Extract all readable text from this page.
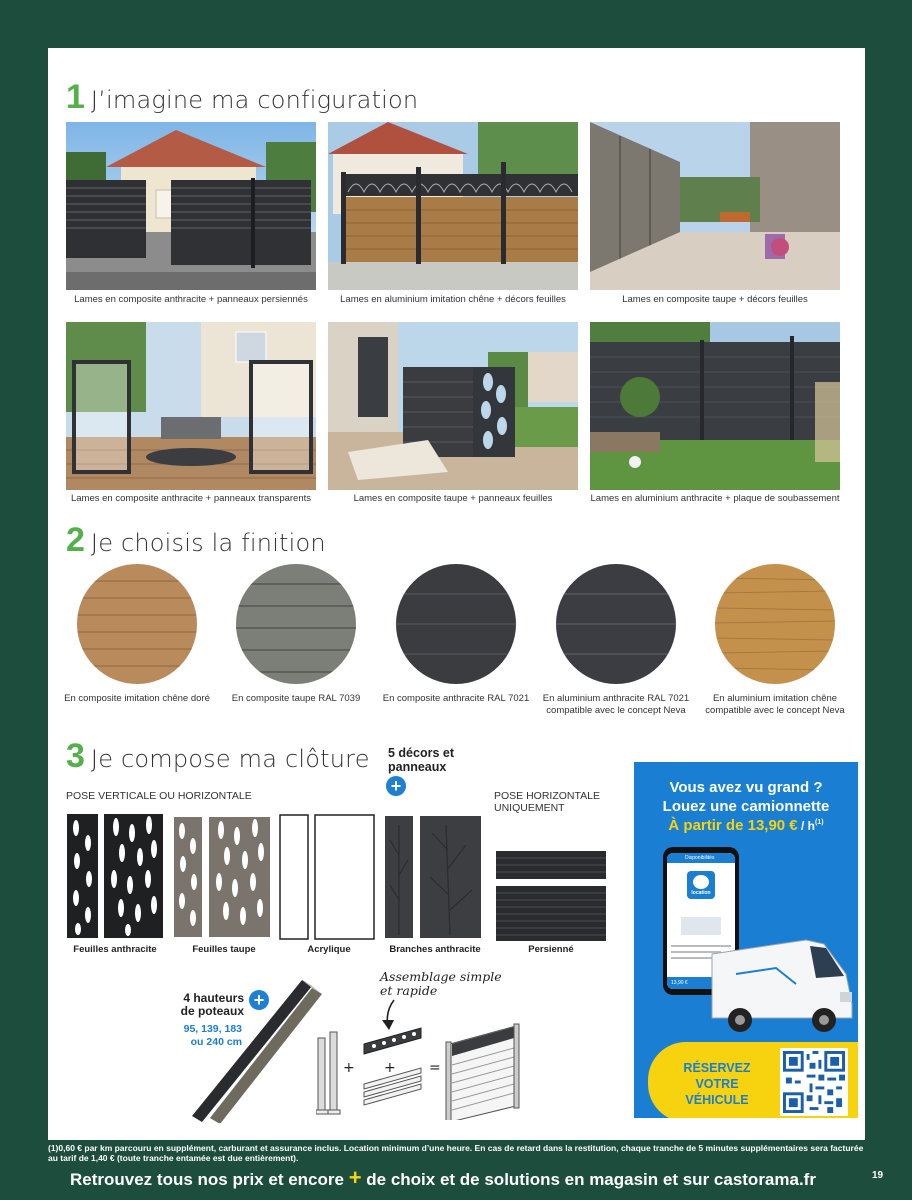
1 J’imagine ma configuration
Lames en composite anthracite + panneaux persiennés	Lames en aluminium imitation chêne + décors feuilles	Lames en composite taupe + décors feuilles
Lames en composite anthracite + panneaux transparents	Lames en composite taupe + panneaux feuilles	Lames en aluminium anthracite + plaque de soubassement
2 Je choisis la finition
En composite imitation chêne doré	En composite taupe RAL 7039	En composite anthracite RAL 7021 En aluminium anthracite RAL 7021 compatible avec le concept Neva
En aluminium imitation chêne compatible avec le concept Neva
3 Je compose ma clôture 5 décors et panneaux
+
POSE VERTICALE OU HORIZONTALE	POSE HORIZONTALE UNIQUEMENT
Feuilles anthracite	Feuilles taupe	Acrylique	Branches anthracite	Persienné
4 hauteurs de poteaux
+
95, 139, 183 ou 240 cm
Assemblage simple et rapide
+ + =
Vous avez vu grand ?
Louez une camionnette
À partir de 13,90 € / $h^{(1)}$
Disponibilités
location
13,90 €
RÉSERVEZ VOTRE VÉHICULE
(1)0,60 € par km parcouru en supplément, carburant et assurance inclus. Location minimum d’une heure. En cas de retard dans la restitution, chaque tranche de 5 minutes supplémentaires sera facturée au tarif de 1,40 € (toute tranche entamée est due entièrement).
Retrouvez tous nos prix et encore + de choix et de solutions en magasin et sur castorama.fr	19
